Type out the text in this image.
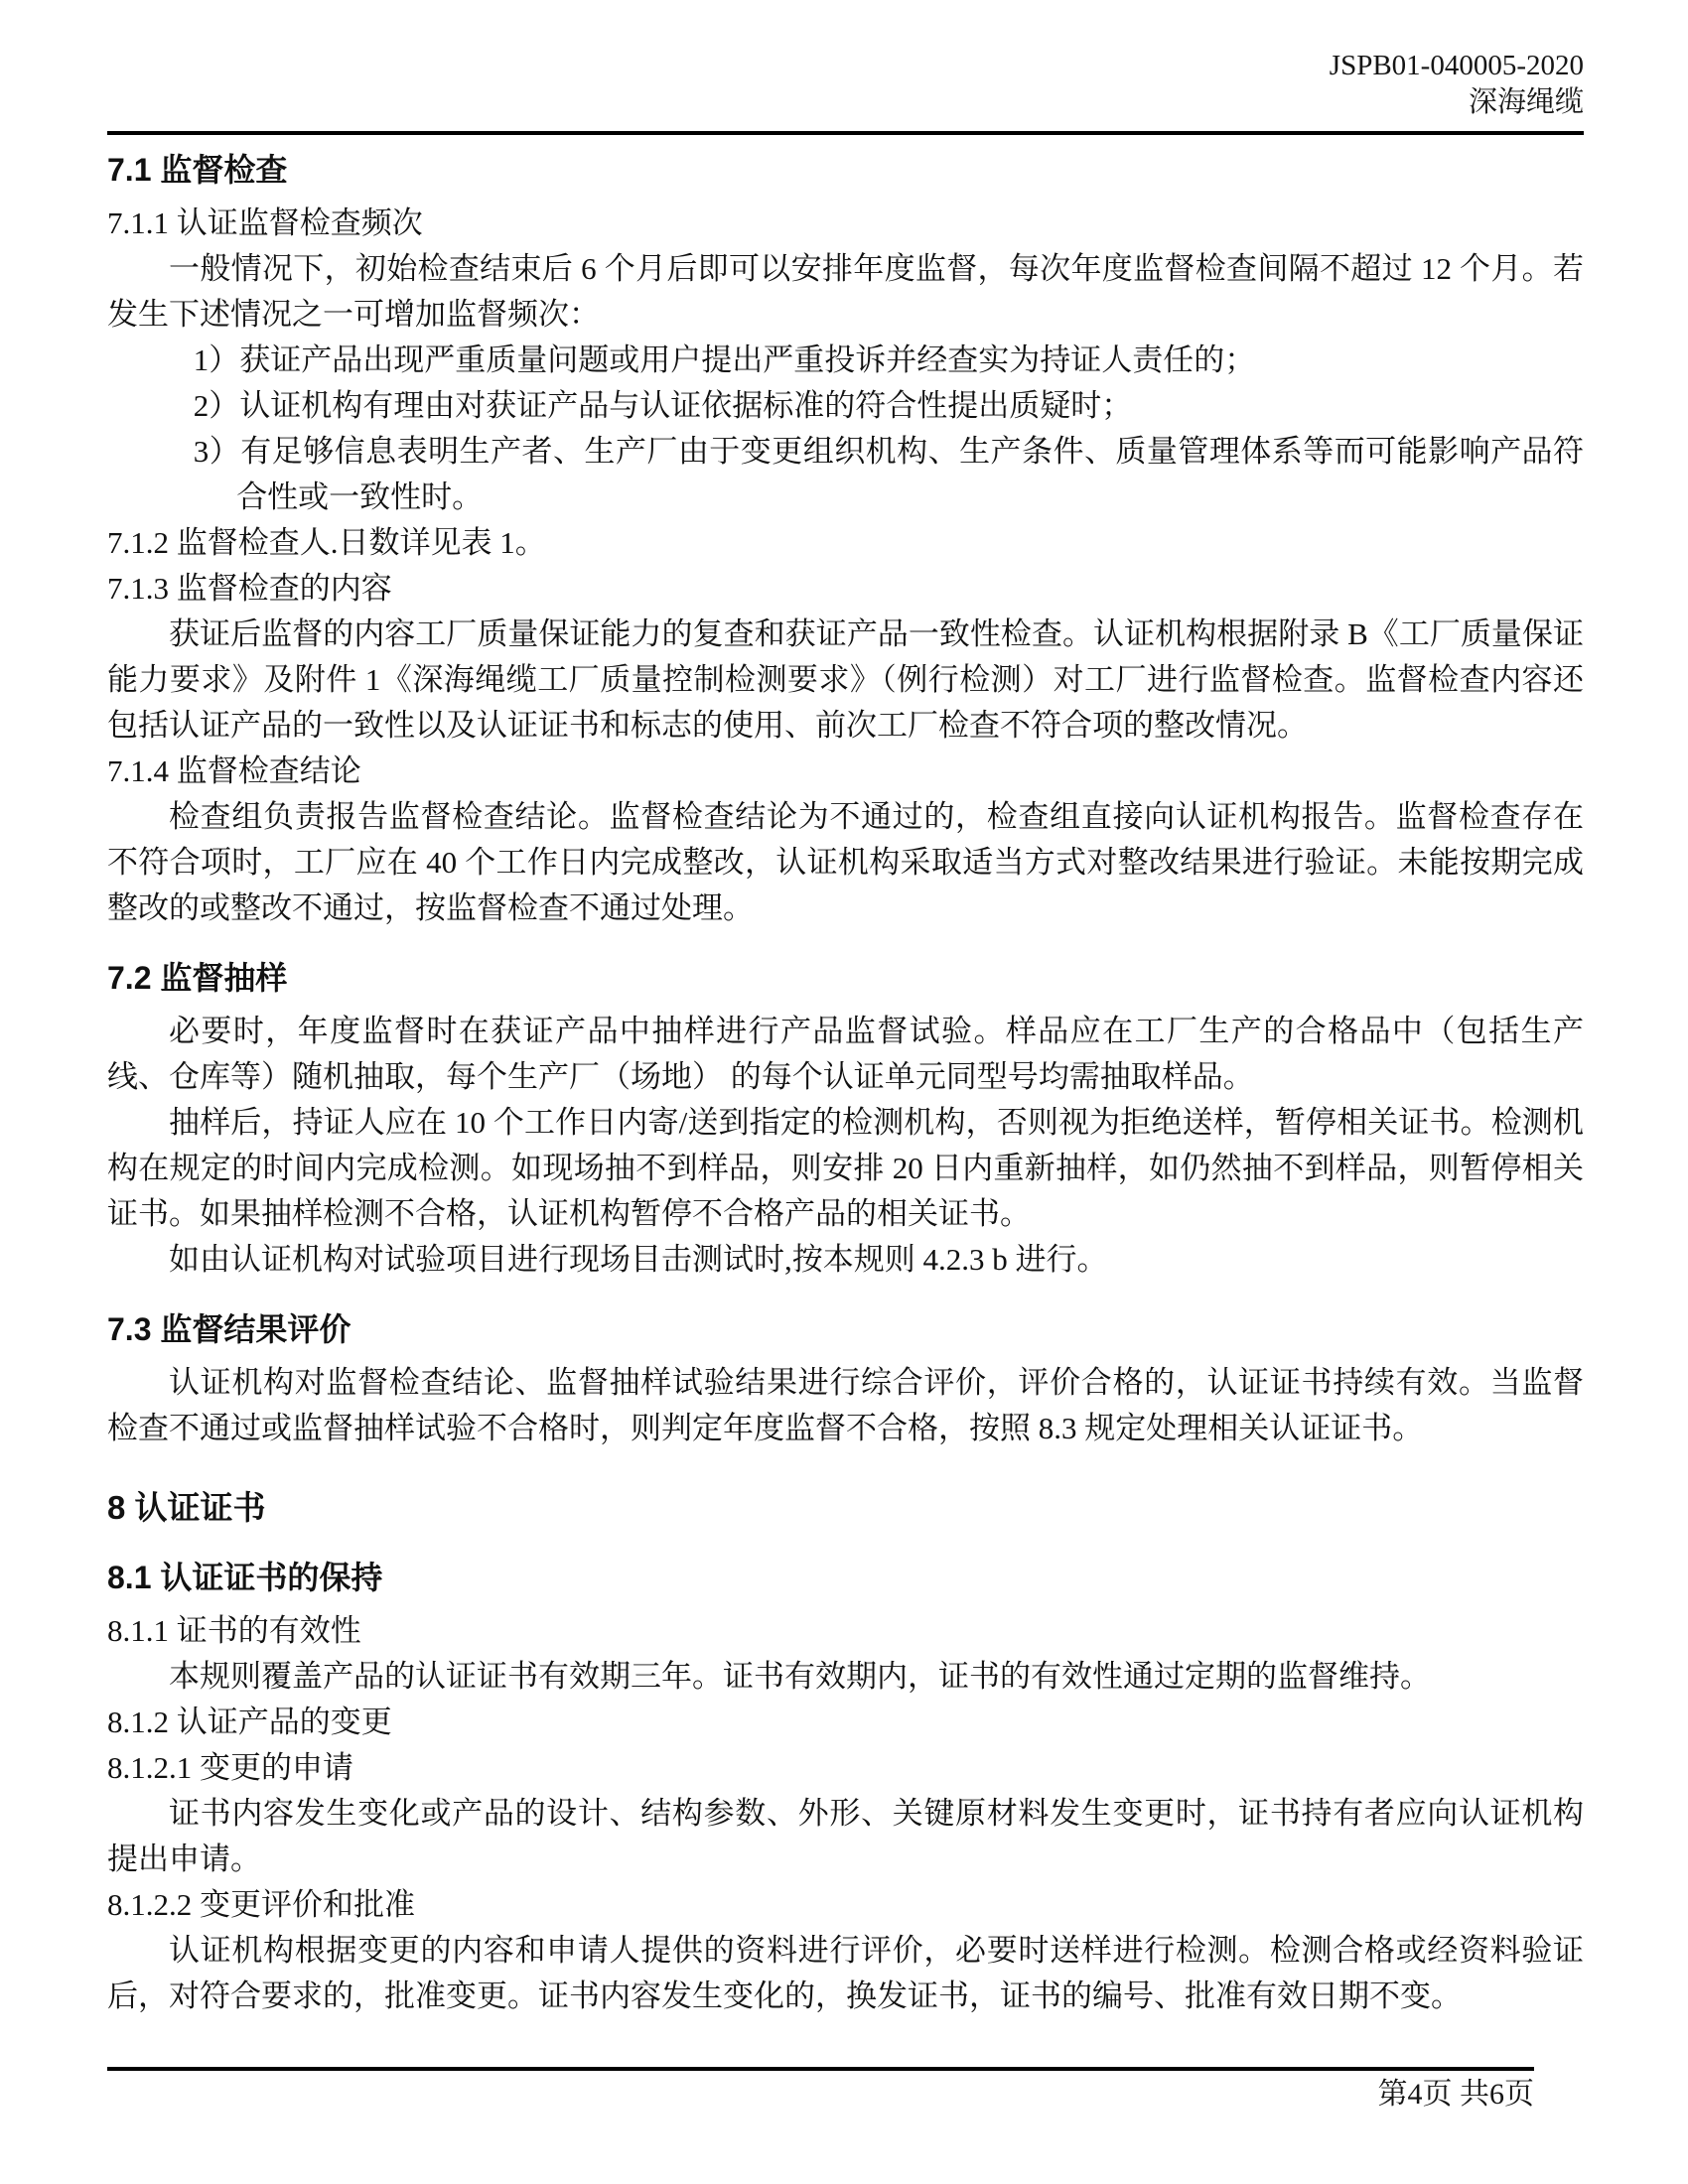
JSPB01-040005-2020
深海绳缆
7.1 监督检查
7.1.1 认证监督检查频次
一般情况下，初始检查结束后 6 个月后即可以安排年度监督，每次年度监督检查间隔不超过 12 个月。若发生下述情况之一可增加监督频次：
1）获证产品出现严重质量问题或用户提出严重投诉并经查实为持证人责任的；
2）认证机构有理由对获证产品与认证依据标准的符合性提出质疑时；
3）有足够信息表明生产者、生产厂由于变更组织机构、生产条件、质量管理体系等而可能影响产品符合性或一致性时。
7.1.2 监督检查人.日数详见表 1。
7.1.3 监督检查的内容
获证后监督的内容工厂质量保证能力的复查和获证产品一致性检查。认证机构根据附录 B《工厂质量保证能力要求》及附件 1《深海绳缆工厂质量控制检测要求》（例行检测）对工厂进行监督检查。监督检查内容还包括认证产品的一致性以及认证证书和标志的使用、前次工厂检查不符合项的整改情况。
7.1.4 监督检查结论
检查组负责报告监督检查结论。监督检查结论为不通过的，检查组直接向认证机构报告。监督检查存在不符合项时，工厂应在 40 个工作日内完成整改，认证机构采取适当方式对整改结果进行验证。未能按期完成整改的或整改不通过，按监督检查不通过处理。
7.2 监督抽样
必要时，年度监督时在获证产品中抽样进行产品监督试验。样品应在工厂生产的合格品中（包括生产线、仓库等）随机抽取，每个生产厂（场地） 的每个认证单元同型号均需抽取样品。
抽样后，持证人应在 10 个工作日内寄/送到指定的检测机构，否则视为拒绝送样，暂停相关证书。检测机构在规定的时间内完成检测。如现场抽不到样品，则安排 20 日内重新抽样，如仍然抽不到样品，则暂停相关证书。如果抽样检测不合格，认证机构暂停不合格产品的相关证书。
如由认证机构对试验项目进行现场目击测试时,按本规则 4.2.3 b 进行。
7.3 监督结果评价
认证机构对监督检查结论、监督抽样试验结果进行综合评价，评价合格的，认证证书持续有效。当监督检查不通过或监督抽样试验不合格时，则判定年度监督不合格，按照 8.3 规定处理相关认证证书。
8 认证证书
8.1 认证证书的保持
8.1.1 证书的有效性
本规则覆盖产品的认证证书有效期三年。证书有效期内，证书的有效性通过定期的监督维持。
8.1.2 认证产品的变更
8.1.2.1 变更的申请
证书内容发生变化或产品的设计、结构参数、外形、关键原材料发生变更时，证书持有者应向认证机构提出申请。
8.1.2.2 变更评价和批准
认证机构根据变更的内容和申请人提供的资料进行评价，必要时送样进行检测。检测合格或经资料验证后，对符合要求的，批准变更。证书内容发生变化的，换发证书，证书的编号、批准有效日期不变。
第4页 共6页
